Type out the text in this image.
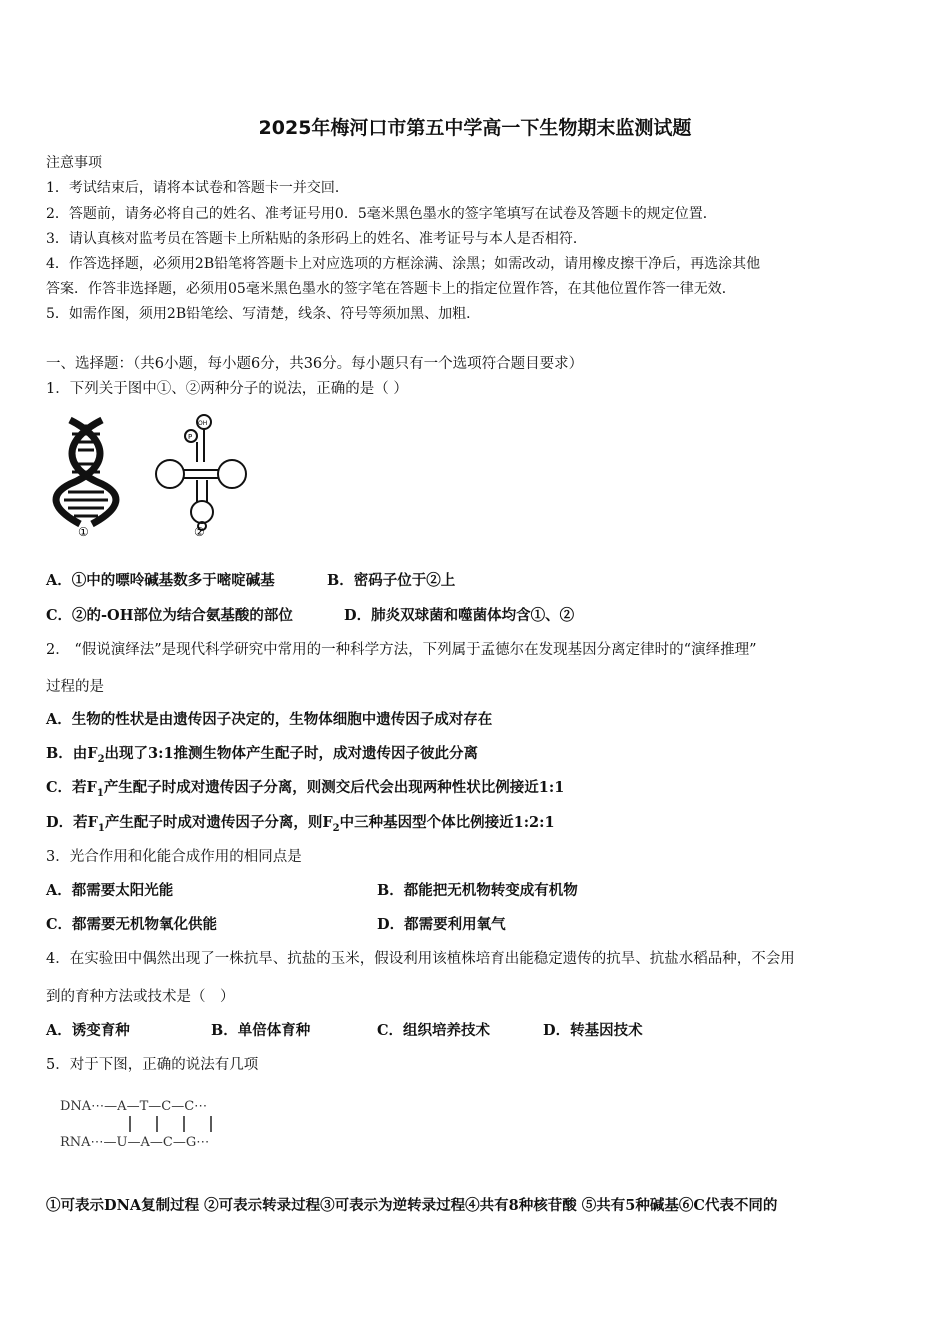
2025年梅河口市第五中学高一下生物期末监测试题
注意事项
1．考试结束后，请将本试卷和答题卡一并交回．
2．答题前，请务必将自己的姓名、准考证号用0．5毫米黑色墨水的签字笔填写在试卷及答题卡的规定位置．
3．请认真核对监考员在答题卡上所粘贴的条形码上的姓名、准考证号与本人是否相符．
4．作答选择题，必须用2B铅笔将答题卡上对应选项的方框涂满、涂黑；如需改动，请用橡皮擦干净后，再选涂其他
答案．作答非选择题，必须用05毫米黑色墨水的签字笔在答题卡上的指定位置作答，在其他位置作答一律无效．
5．如需作图，须用2B铅笔绘、写清楚，线条、符号等须加黑、加粗．
一、选择题：（共6小题，每小题6分，共36分。每小题只有一个选项符合题目要求）
1．下列关于图中①、②两种分子的说法，正确的是（ ）
①
OH
P
②
A．①中的嘌呤碱基数多于嘧啶碱基	B．密码子位于②上
C．②的-OH部位为结合氨基酸的部位	D．肺炎双球菌和噬菌体均含①、②
2． “假说演绎法”是现代科学研究中常用的一种科学方法，下列属于孟德尔在发现基因分离定律时的“演绎推理”
过程的是
A．生物的性状是由遗传因子决定的，生物体细胞中遗传因子成对存在
B．由$F_2$出现了3:1推测生物体产生配子时，成对遗传因子彼此分离
C．若$F_1$产生配子时成对遗传因子分离，则测交后代会出现两种性状比例接近1:1
D．若$F_1$产生配子时成对遗传因子分离，则$F_2$中三种基因型个体比例接近1:2:1
3．光合作用和化能合成作用的相同点是
A．都需要太阳光能	B．都能把无机物转变成有机物
C．都需要无机物氧化供能	D．都需要利用氧气
4．在实验田中偶然出现了一株抗旱、抗盐的玉米，假设利用该植株培育出能稳定遗传的抗旱、抗盐水稻品种，不会用
到的育种方法或技术是（　）
A．诱变育种	B．单倍体育种	C．组织培养技术	D．转基因技术
5．对于下图，正确的说法有几项
DNA⋯—A—T—C—C⋯
RNA⋯—U—A—C—G⋯
①可表示DNA复制过程 ②可表示转录过程③可表示为逆转录过程④共有8种核苷酸 ⑤共有5种碱基⑥C代表不同的
